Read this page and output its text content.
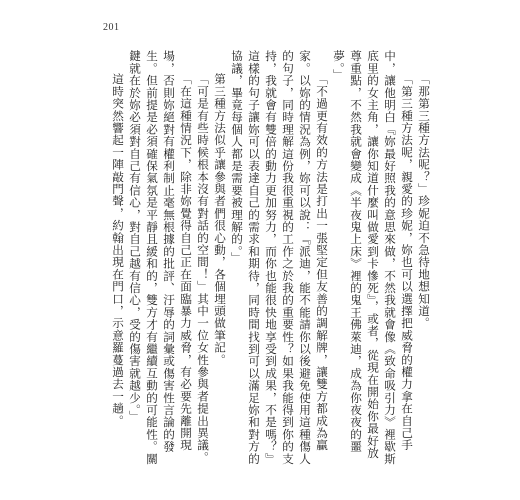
201

「那第三種方法呢？」珍妮迫不急待地想知道。

「第三種方法呢，親愛的珍妮，妳也可以選擇把威脅的權力拿在自己手中，讓他明白『妳最好照我的意思來做，不然我就會像《致命吸引力》裡歇斯底里的女主角，讓你知道什麼叫做愛到卡慘死』，或者，從現在開始你最好放尊重點，不然我就會變成《半夜鬼上床》裡的鬼王佛萊迪，成為你夜夜的噩夢。」

「不過更有效的方法是打出一張堅定但友善的調解牌，讓雙方都成為贏家。以妳的情況為例，妳可以說：『派迪，能不能請你以後避免使用這種傷人的句子，同時理解這份我很重視的工作之於我的重要性？如果我能得到你的支持，我就會有雙倍的動力更加努力，而你也能很快地享受到成果，不是嗎？』這樣的句子讓妳可以表達自己的需求和期待，同時間找到可以滿足妳和對方的協議，畢竟每個人都是需要被理解的。」

第三種方法似乎讓參與者們很心動，各個埋頭做筆記。

「可是有些時候根本沒有對話的空間！」其中一位女性參與者提出異議。

「在這種情況下，除非妳覺得自己正在面臨暴力威脅，有必要先離開現場，否則妳絕對有權利制止毫無根據的批評、汙辱的詞彙或傷害性言論的發生。但前提是必須確保氣氛是平靜且緩和的，雙方才有繼續互動的可能性。關鍵就在於妳必須對自己有信心，對自己越有信心，受的傷害就越少。」

這時突然響起一陣敲門聲，約翰出現在門口，示意羅蔓過去一趟。
